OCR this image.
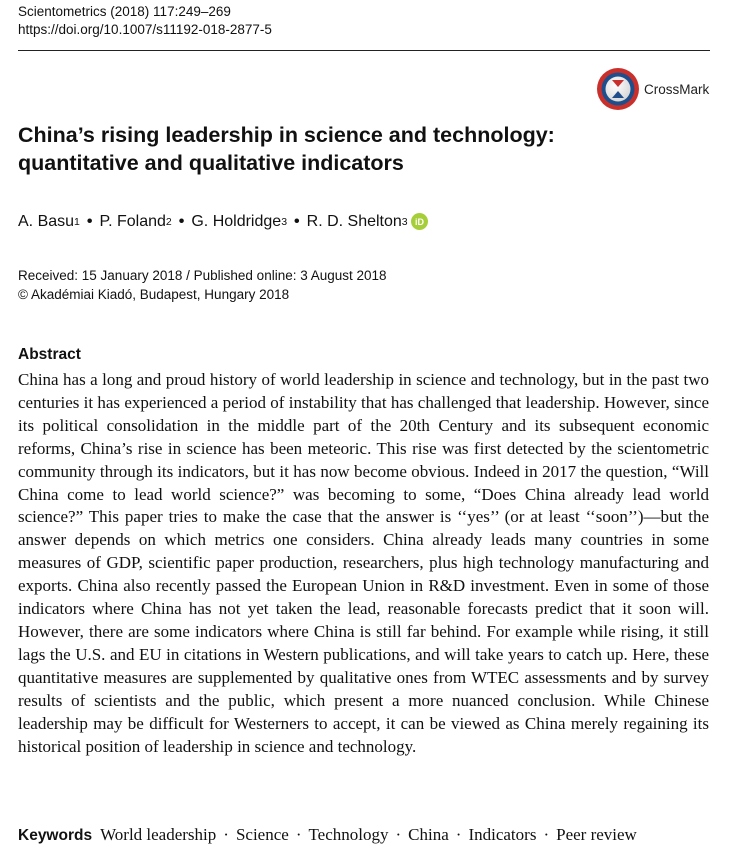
Scientometrics (2018) 117:249–269
https://doi.org/10.1007/s11192-018-2877-5
CrossMark
China’s rising leadership in science and technology:
quantitative and qualitative indicators
A. Basu 1 • P. Foland 2 • G. Holdridge 3 • R. D. Shelton 3 iD
Received: 15 January 2018 / Published online: 3 August 2018
© Akadémiai Kiadó, Budapest, Hungary 2018
Abstract

China has a long and proud history of world leadership in science and technology, but in the past two centuries it has experienced a period of instability that has challenged that leadership. However, since its political consolidation in the middle part of the 20th Century and its subsequent economic reforms, China’s rise in science has been meteoric. This rise was first detected by the scientometric community through its indicators, but it has now become obvious. Indeed in 2017 the question, “Will China come to lead world science?” was becoming to some, “Does China already lead world science?” This paper tries to make the case that the answer is ‘‘yes’’ (or at least ‘‘soon’’)—but the answer depends on which metrics one considers. China already leads many countries in some measures of GDP, scientific paper production, researchers, plus high technology manufacturing and exports. China also recently passed the European Union in R&D investment. Even in some of those indicators where China has not yet taken the lead, reasonable forecasts predict that it soon will. However, there are some indicators where China is still far behind. For example while rising, it still lags the U.S. and EU in citations in Western publications, and will take years to catch up. Here, these quantitative measures are supplemented by qualitative ones from WTEC assessments and by survey results of scientists and the public, which present a more nuanced conclusion. While Chinese leadership may be difficult for Westerners to accept, it can be viewed as China merely regaining its historical position of leadership in science and technology.

Keywords World leadership · Science · Technology · China · Indicators · Peer review
